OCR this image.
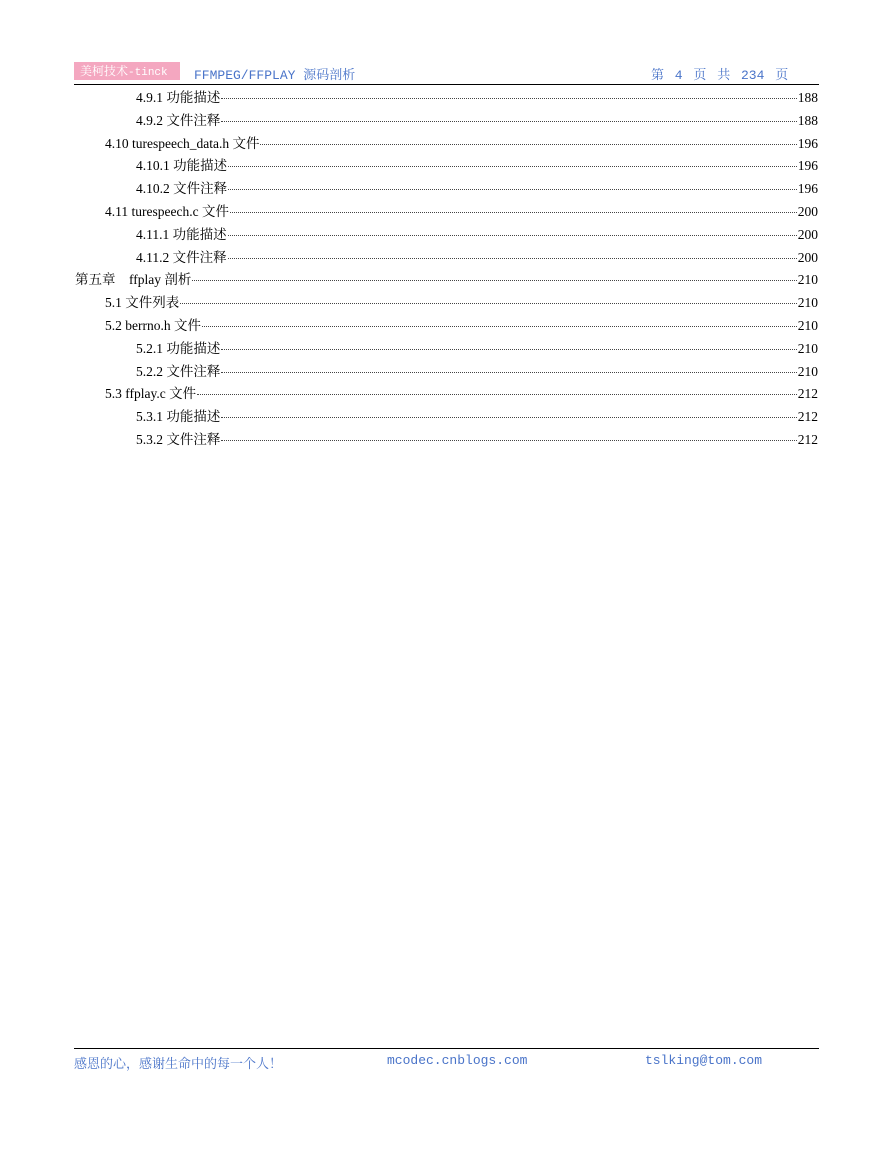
美柯技术-tinck	FFMPEG/FFPLAY 源码剖析	第 4 页 共 234 页
4.9.1 功能描述	188
4.9.2 文件注释	188
4.10 turespeech_data.h 文件	196
4.10.1 功能描述	196
4.10.2 文件注释	196
4.11 turespeech.c 文件	200
4.11.1 功能描述	200
4.11.2 文件注释	200
第五章　ffplay 剖析	210
5.1 文件列表	210
5.2 berrno.h 文件	210
5.2.1 功能描述	210
5.2.2 文件注释	210
5.3 ffplay.c 文件	212
5.3.1 功能描述	212
5.3.2 文件注释	212
感恩的心，感谢生命中的每一个人！	mcodec.cnblogs.com	tslking@tom.com
